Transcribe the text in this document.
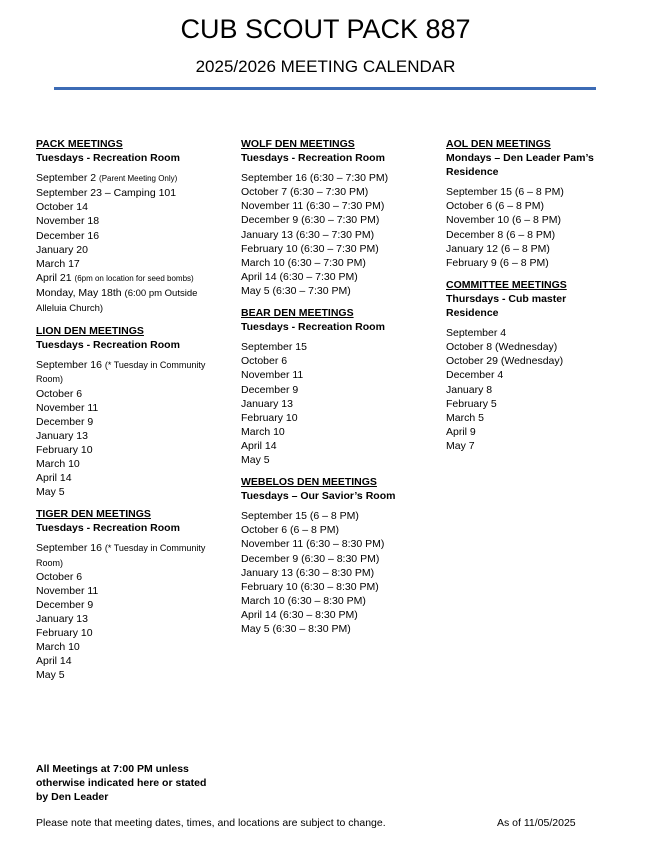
CUB SCOUT PACK 887
2025/2026 MEETING CALENDAR
PACK MEETINGS
Tuesdays - Recreation Room
September 2 (Parent Meeting Only)
September 23 – Camping 101
October 14
November 18
December 16
January 20
March 17
April 21 (6pm on location for seed bombs)
Monday, May 18th (6:00 pm Outside Alleluia Church)
LION DEN MEETINGS
Tuesdays - Recreation Room
September 16 (* Tuesday in Community Room)
October 6
November 11
December 9
January 13
February 10
March 10
April 14
May 5
TIGER DEN MEETINGS
Tuesdays - Recreation Room
September 16 (* Tuesday in Community Room)
October 6
November 11
December 9
January 13
February 10
March 10
April 14
May 5
WOLF DEN MEETINGS
Tuesdays - Recreation Room
September 16 (6:30 – 7:30 PM)
October 7 (6:30 – 7:30 PM)
November 11 (6:30 – 7:30 PM)
December 9 (6:30 – 7:30 PM)
January 13 (6:30 – 7:30 PM)
February 10 (6:30 – 7:30 PM)
March 10 (6:30 – 7:30 PM)
April 14 (6:30 – 7:30 PM)
May 5 (6:30 – 7:30 PM)
BEAR DEN MEETINGS
Tuesdays - Recreation Room
September 15
October 6
November 11
December 9
January 13
February 10
March 10
April 14
May 5
WEBELOS DEN MEETINGS
Tuesdays – Our Savior’s Room
September 15 (6 – 8 PM)
October 6 (6 – 8 PM)
November 11 (6:30 – 8:30 PM)
December 9 (6:30 – 8:30 PM)
January 13 (6:30 – 8:30 PM)
February 10 (6:30 – 8:30 PM)
March 10 (6:30 – 8:30 PM)
April 14 (6:30 – 8:30 PM)
May 5 (6:30 – 8:30 PM)
AOL DEN MEETINGS
Mondays – Den Leader Pam’s Residence
September 15 (6 – 8 PM)
October 6 (6 – 8 PM)
November 10 (6 – 8 PM)
December 8 (6 – 8 PM)
January 12 (6 – 8 PM)
February 9 (6 – 8 PM)
COMMITTEE MEETINGS
Thursdays - Cub master Residence
September 4
October 8 (Wednesday)
October 29 (Wednesday)
December 4
January 8
February 5
March 5
April 9
May 7
All Meetings at 7:00 PM unless otherwise indicated here or stated by Den Leader
Please note that meeting dates, times, and locations are subject to change.	As of 11/05/2025
